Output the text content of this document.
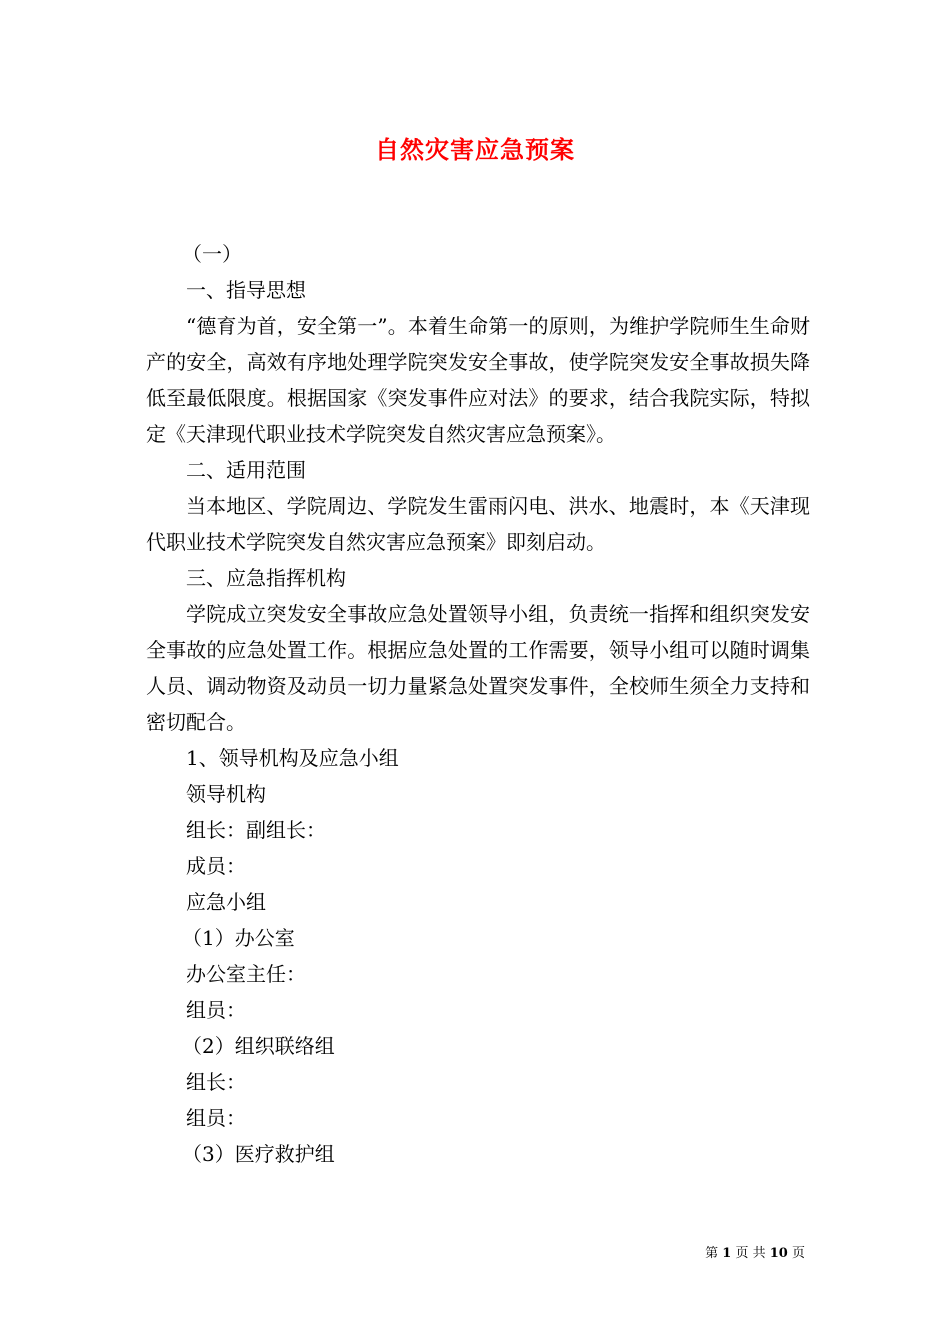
自然灾害应急预案

（一）

一、指导思想

“德育为首，安全第一”。本着生命第一的原则，为维护学院师生生命财产的安全，高效有序地处理学院突发安全事故，使学院突发安全事故损失降低至最低限度。根据国家《突发事件应对法》的要求，结合我院实际，特拟定《天津现代职业技术学院突发自然灾害应急预案》。

二、适用范围

当本地区、学院周边、学院发生雷雨闪电、洪水、地震时，本《天津现代职业技术学院突发自然灾害应急预案》即刻启动。

三、应急指挥机构

学院成立突发安全事故应急处置领导小组，负责统一指挥和组织突发安全事故的应急处置工作。根据应急处置的工作需要，领导小组可以随时调集人员、调动物资及动员一切力量紧急处置突发事件，全校师生须全力支持和密切配合。

1、领导机构及应急小组

领导机构

组长：副组长：

成员：

应急小组

（1）办公室

办公室主任：

组员：

（2）组织联络组

组长：

组员：

（3）医疗救护组

第 1 页 共 10 页
